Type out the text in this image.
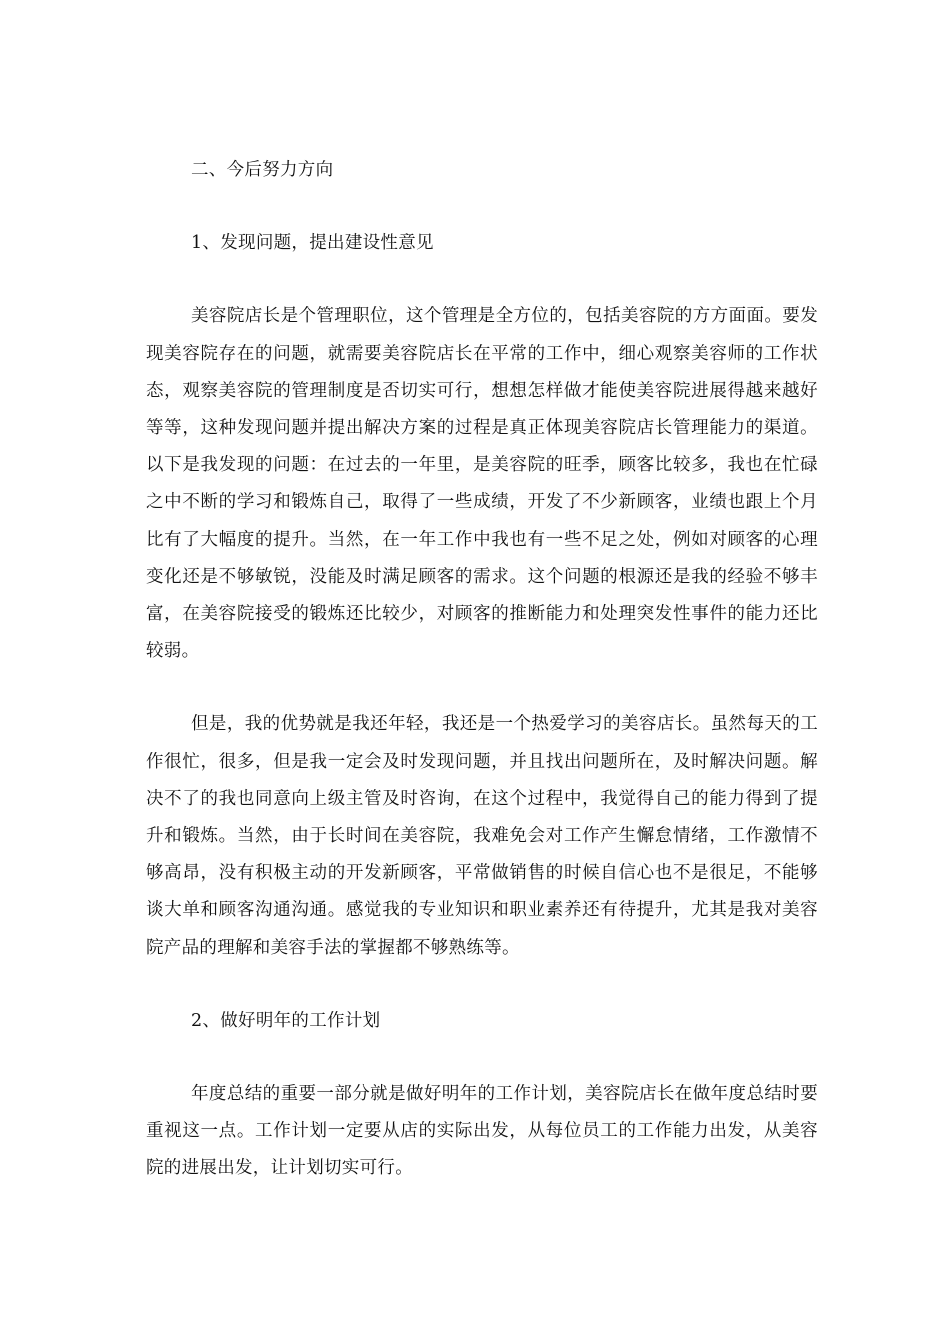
二、今后努力方向

1、发现问题，提出建设性意见

美容院店长是个管理职位，这个管理是全方位的，包括美容院的方方面面。要发现美容院存在的问题，就需要美容院店长在平常的工作中，细心观察美容师的工作状态，观察美容院的管理制度是否切实可行，想想怎样做才能使美容院进展得越来越好等等，这种发现问题并提出解决方案的过程是真正体现美容院店长管理能力的渠道。以下是我发现的问题：在过去的一年里，是美容院的旺季，顾客比较多，我也在忙碌之中不断的学习和锻炼自己，取得了一些成绩，开发了不少新顾客，业绩也跟上个月比有了大幅度的提升。当然，在一年工作中我也有一些不足之处，例如对顾客的心理变化还是不够敏锐，没能及时满足顾客的需求。这个问题的根源还是我的经验不够丰富，在美容院接受的锻炼还比较少，对顾客的推断能力和处理突发性事件的能力还比较弱。

但是，我的优势就是我还年轻，我还是一个热爱学习的美容店长。虽然每天的工作很忙，很多，但是我一定会及时发现问题，并且找出问题所在，及时解决问题。解决不了的我也同意向上级主管及时咨询，在这个过程中，我觉得自己的能力得到了提升和锻炼。当然，由于长时间在美容院，我难免会对工作产生懈怠情绪，工作激情不够高昂，没有积极主动的开发新顾客，平常做销售的时候自信心也不是很足，不能够谈大单和顾客沟通沟通。感觉我的专业知识和职业素养还有待提升，尤其是我对美容院产品的理解和美容手法的掌握都不够熟练等。

2、做好明年的工作计划

年度总结的重要一部分就是做好明年的工作计划，美容院店长在做年度总结时要重视这一点。工作计划一定要从店的实际出发，从每位员工的工作能力出发，从美容院的进展出发，让计划切实可行。
